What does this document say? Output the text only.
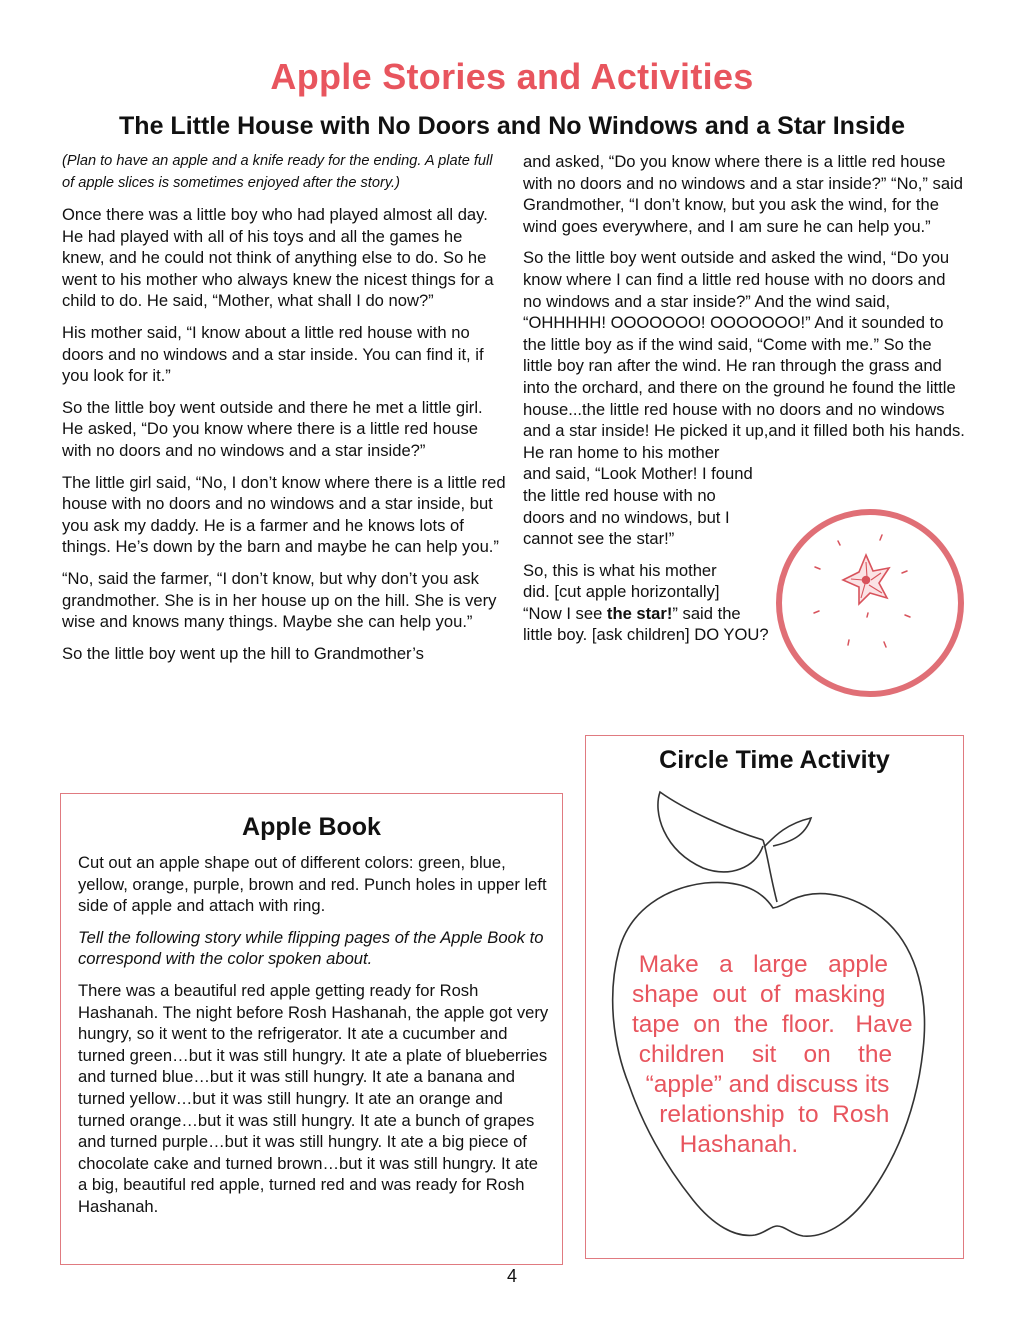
Apple Stories and Activities
The Little House with No Doors and No Windows and a Star Inside

(Plan to have an apple and a knife ready for the ending. A plate full of apple slices is sometimes enjoyed after the story.)

Once there was a little boy who had played almost all day. He had played with all of his toys and all the games he knew, and he could not think of anything else to do. So he went to his mother who always knew the nicest things for a child to do. He said, “Mother, what shall I do now?”

His mother said, “I know about a little red house with no doors and no windows and a star inside. You can find it, if you look for it.”

So the little boy went outside and there he met a little girl. He asked, “Do you know where there is a little red house with no doors and no windows and a star inside?”

The little girl said, “No, I don’t know where there is a little red house with no doors and no windows and a star inside, but you ask my daddy. He is a farmer and he knows lots of things. He’s down by the barn and maybe he can help you.”

“No, said the farmer, “I don’t know, but why don’t you ask grandmother. She is in her house up on the hill. She is very wise and knows many things. Maybe she can help you.”

So the little boy went up the hill to Grandmother’s

and asked, “Do you know where there is a little red house with no doors and no windows and a star inside?” “No,” said Grandmother, “I don’t know, but you ask the wind, for the wind goes everywhere, and I am sure he can help you.”

So the little boy went outside and asked the wind, “Do you know where I can find a little red house with no doors and no windows and a star inside?” And the wind said, “OHHHHH! OOOOOOO! OOOOOOO!” And it sounded to the little boy as if the wind said, “Come with me.” So the little boy ran after the wind. He ran through the grass and into the orchard, and there on the ground he found the little house...the little red house with no doors and no windows and a star inside! He picked it up,and it filled both his hands. He ran home to his mother

and said, “Look Mother! I found
the little red house with no
doors and no windows, but I
cannot see the star!”
So, this is what his mother
did. [cut apple horizontally]
“Now I see the star!” said the
little boy. [ask children] DO YOU?
Apple Book

Cut out an apple shape out of different colors: green, blue, yellow, orange, purple, brown and red. Punch holes in upper left side of apple and attach with ring.

Tell the following story while flipping pages of the Apple Book to correspond with the color spoken about.

There was a beautiful red apple getting ready for Rosh Hashanah. The night before Rosh Hashanah, the apple got very hungry, so it went to the refrigerator. It ate a cucumber and turned green…but it was still hungry. It ate a plate of blueberries and turned blue…but it was still hungry. It ate a banana and turned yellow…but it was still hungry. It ate an orange and turned orange…but it was still hungry. It ate a bunch of grapes and turned purple…but it was still hungry. It ate a big piece of chocolate cake and turned brown…but it was still hungry. It ate a big, beautiful red apple, turned red and was ready for Rosh Hashanah.

Circle Time Activity
Make   a   large   apple
shape  out  of  masking
tape  on  the  floor.   Have
children    sit    on    the
“apple” and discuss its
relationship  to  Rosh
Hashanah.
4
